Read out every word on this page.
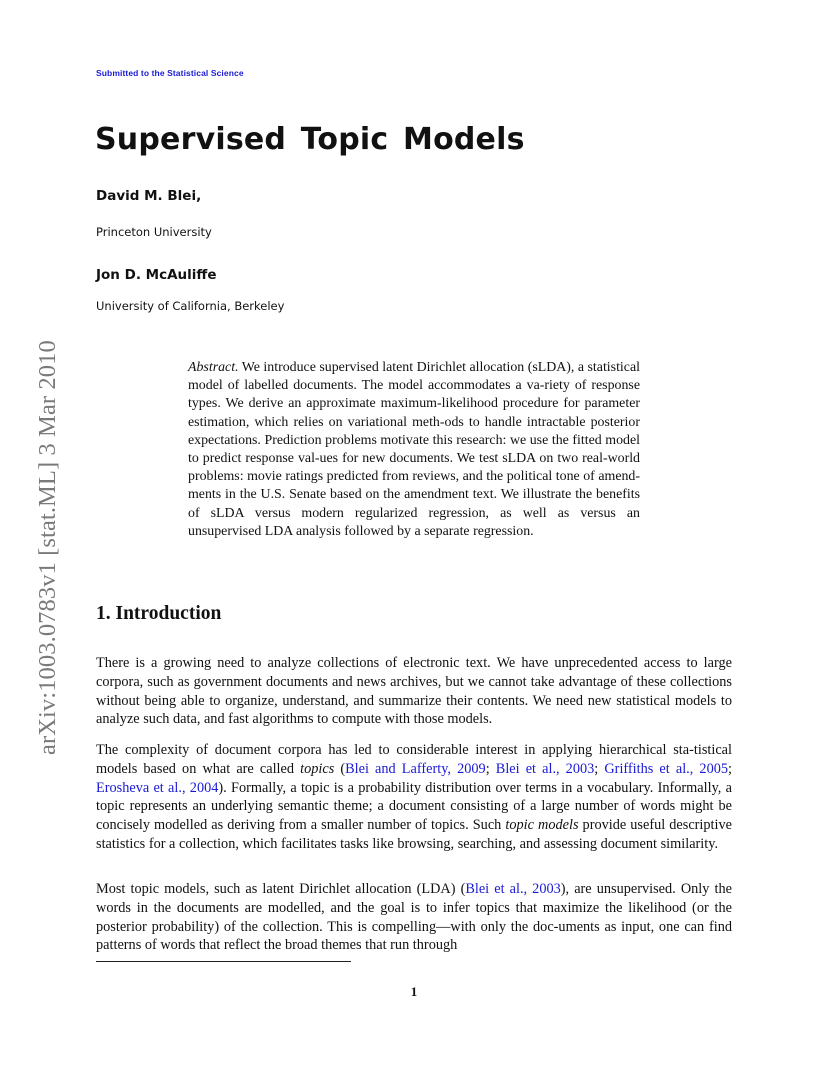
Submitted to the Statistical Science
Supervised Topic Models
David M. Blei,
Princeton University
Jon D. McAuliffe
University of California, Berkeley
arXiv:1003.0783v1 [stat.ML] 3 Mar 2010	Abstract. We introduce supervised latent Dirichlet allocation (sLDA), a statistical model of labelled documents. The model accommodates a va-riety of response types. We derive an approximate maximum-likelihood procedure for parameter estimation, which relies on variational meth-ods to handle intractable posterior expectations. Prediction problems motivate this research: we use the fitted model to predict response val-ues for new documents. We test sLDA on two real-world problems: movie ratings predicted from reviews, and the political tone of amend-ments in the U.S. Senate based on the amendment text. We illustrate the benefits of sLDA versus modern regularized regression, as well as versus an unsupervised LDA analysis followed by a separate regression.

1. Introduction

There is a growing need to analyze collections of electronic text. We have unprecedented access to large corpora, such as government documents and news archives, but we cannot take advantage of these collections without being able to organize, understand, and summarize their contents. We need new statistical models to analyze such data, and fast algorithms to compute with those models.

The complexity of document corpora has led to considerable interest in applying hierarchical sta-tistical models based on what are called topics (Blei and Lafferty, 2009; Blei et al., 2003; Griffiths et al., 2005; Erosheva et al., 2004). Formally, a topic is a probability distribution over terms in a vocabulary. Informally, a topic represents an underlying semantic theme; a document consisting of a large number of words might be concisely modelled as deriving from a smaller number of topics. Such topic models provide useful descriptive statistics for a collection, which facilitates tasks like browsing, searching, and assessing document similarity.

Most topic models, such as latent Dirichlet allocation (LDA) (Blei et al., 2003), are unsupervised. Only the words in the documents are modelled, and the goal is to infer topics that maximize the likelihood (or the posterior probability) of the collection. This is compelling—with only the doc-uments as input, one can find patterns of words that reflect the broad themes that run through

1
